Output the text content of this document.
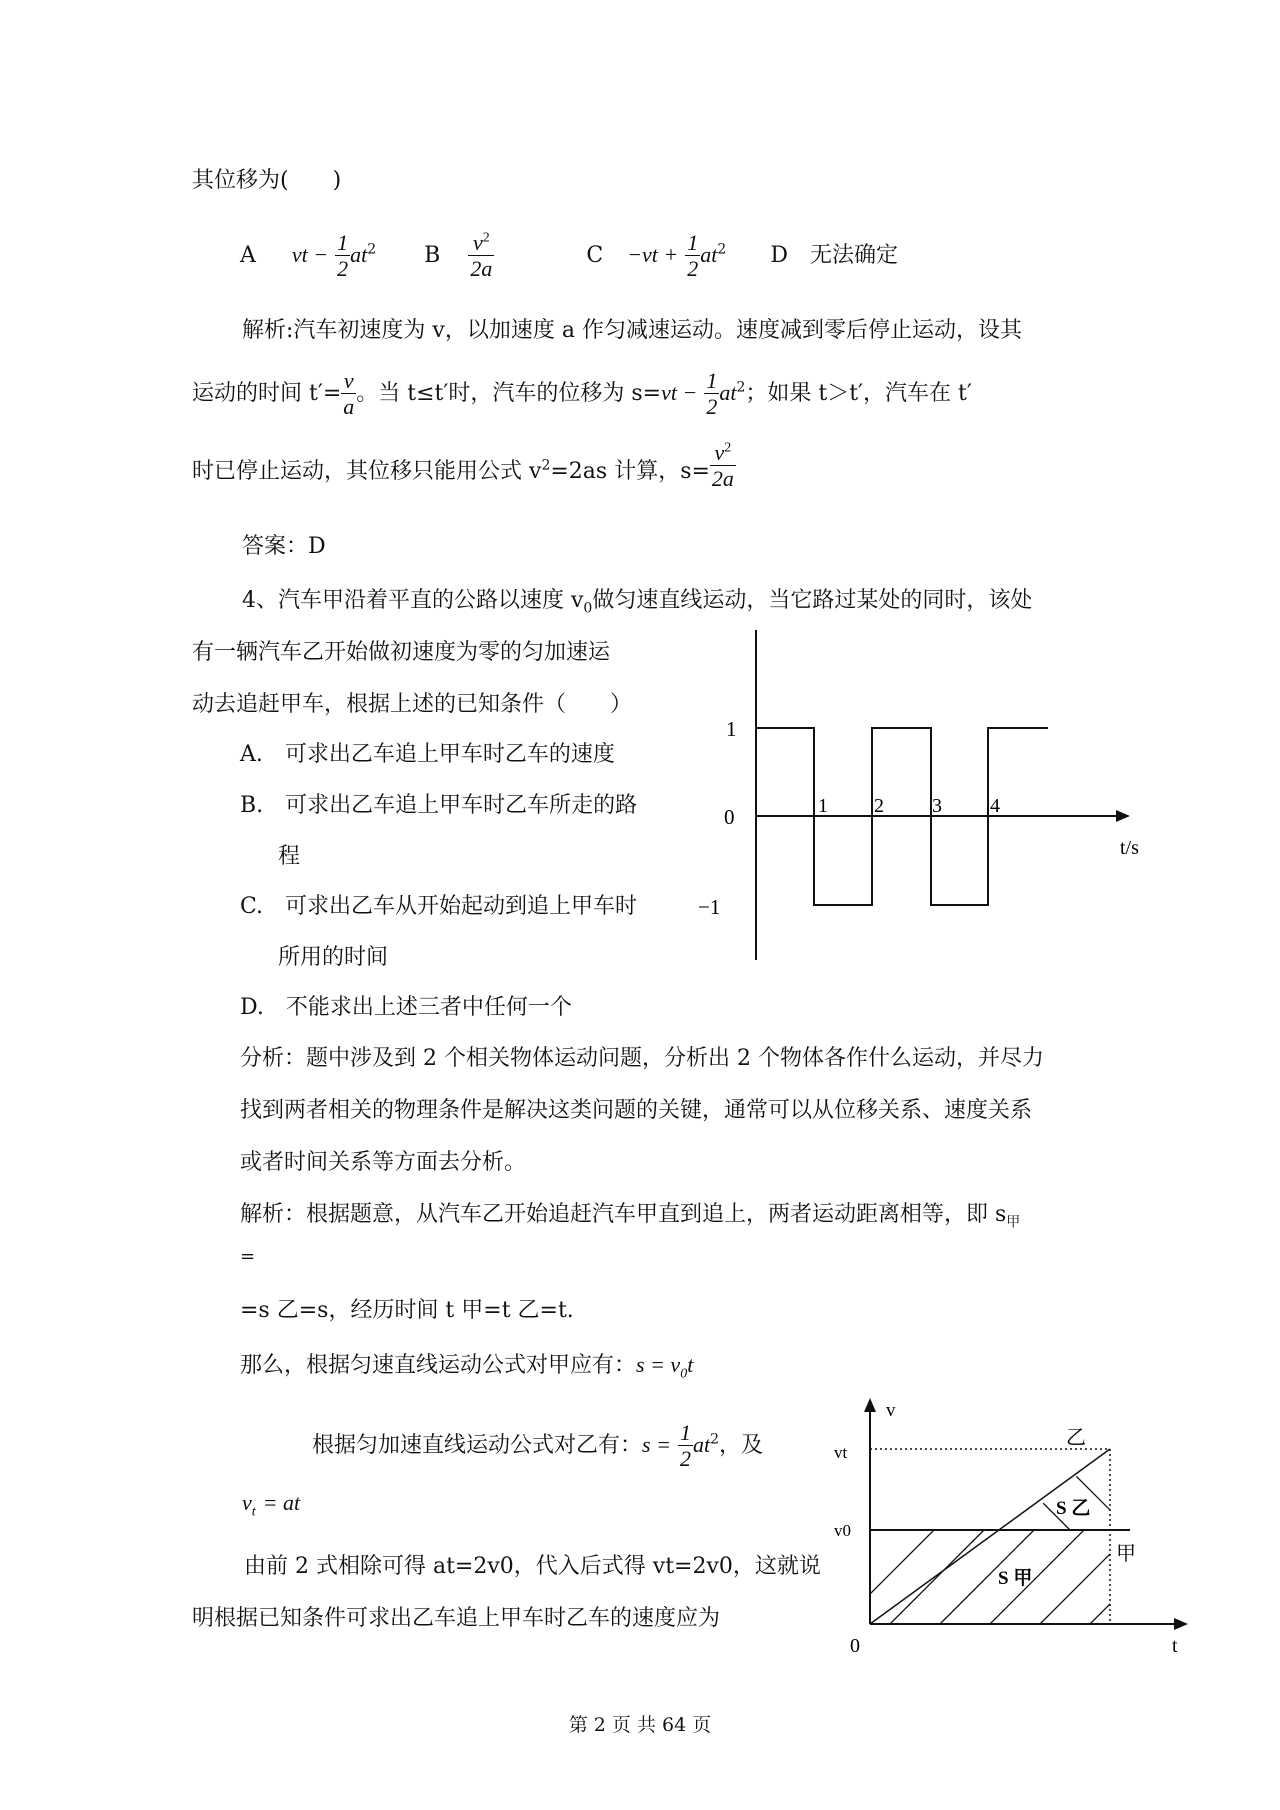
其位移为(　　)
A vt − $\frac{1}{2} at^2$ B $\frac{v^2}{2a}$	$C -vt + \frac{1}{2} at^2$ D　无法确定
解析:汽车初速度为 v，以加速度 a 作匀减速运动。速度减到零后停止运动，设其
运动的时间 $t'= \frac{v}{a}$ 。当 t≤t′时，汽车的位移为 $s=vt - \frac{1}{2} at^2$；如果 t＞t′，汽车在 t′
时已停止运动，其位移只能用公式 $v^2=2as$ 计算，$s= \frac{v^2}{2a}$
答案：D
4、汽车甲沿着平直的公路以速度 $v_0$做匀速直线运动，当它路过某处的同时，该处
有一辆汽车乙开始做初速度为零的匀加速运
动去追赶甲车，根据上述的已知条件（　　）
A.　可求出乙车追上甲车时乙车的速度
B.　可求出乙车追上甲车时乙车所走的路
程
C.　可求出乙车从开始起动到追上甲车时
所用的时间
D.　不能求出上述三者中任何一个
分析：题中涉及到 2 个相关物体运动问题，分析出 2 个物体各作什么运动，并尽力
找到两者相关的物理条件是解决这类问题的关键，通常可以从位移关系、速度关系
或者时间关系等方面去分析。
解析：根据题意，从汽车乙开始追赶汽车甲直到追上，两者运动距离相等，即 $s_甲$
=
=s 乙=s，经历时间 t 甲=t 乙=t.
那么，根据匀速直线运动公式对甲应有：$s = v_0t$
根据匀加速直线运动公式对乙有：$s = \frac{1}{2} at^2$，及
$v_t$ = at
由前 2 式相除可得 at=2v0，代入后式得 vt=2v0，这就说
明根据已知条件可求出乙车追上甲车时乙车的速度应为
1
0
−1
1 2 3 4
t/s
v
vt
v0
0	t
乙
甲
S 乙
S 甲
第 2 页 共 64 页
